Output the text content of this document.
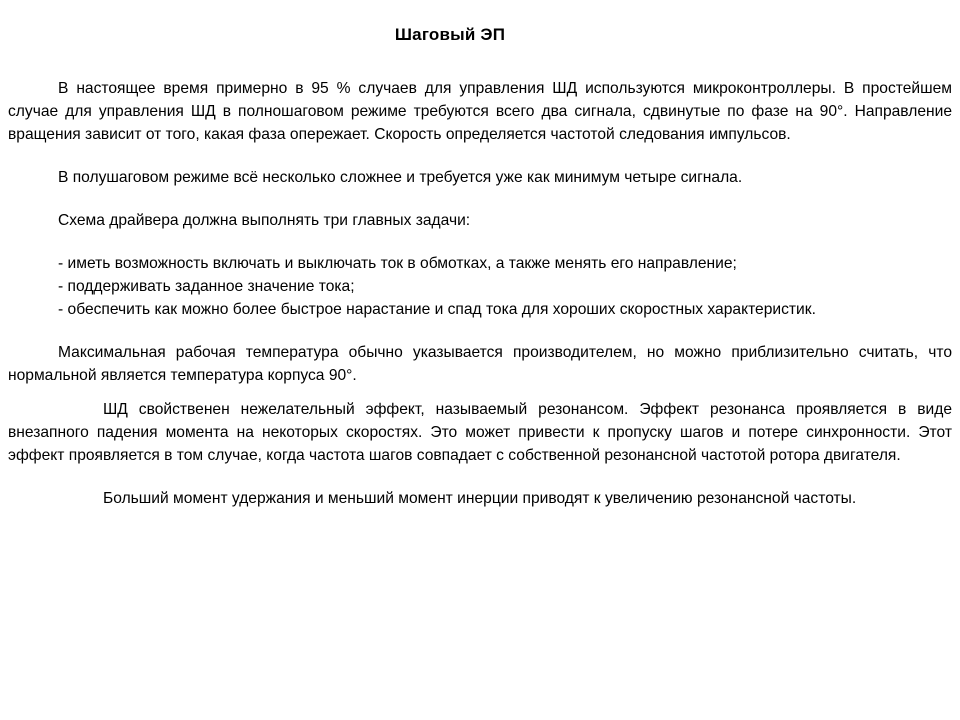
Шаговый ЭП

В настоящее время примерно в 95 % случаев для управления ШД используются микроконтроллеры. В простейшем случае для управления ШД в полношаговом режиме требуются всего два сигнала, сдвинутые по фазе на 90°. Направление вращения зависит от того, какая фаза опережает. Скорость определяется частотой следования импульсов.

В полушаговом режиме всё несколько сложнее и требуется уже как минимум четыре сигнала.

Схема драйвера должна выполнять три главных задачи:

- иметь возможность включать и выключать ток в обмотках, а также менять его направление;

- поддерживать заданное значение тока;

- обеспечить как можно более быстрое нарастание и спад тока для хороших скоростных характеристик.

Максимальная рабочая температура обычно указывается производителем, но можно приблизительно считать, что нормальной является температура корпуса 90°.

ШД свойственен нежелательный эффект, называемый резонансом. Эффект резонанса проявляется в виде внезапного падения момента на некоторых скоростях. Это может привести к пропуску шагов и потере синхронности. Этот эффект проявляется в том случае, когда частота шагов совпадает с собственной резонансной частотой ротора двигателя.

Больший момент удержания и меньший момент инерции приводят к увеличению резонансной частоты.
